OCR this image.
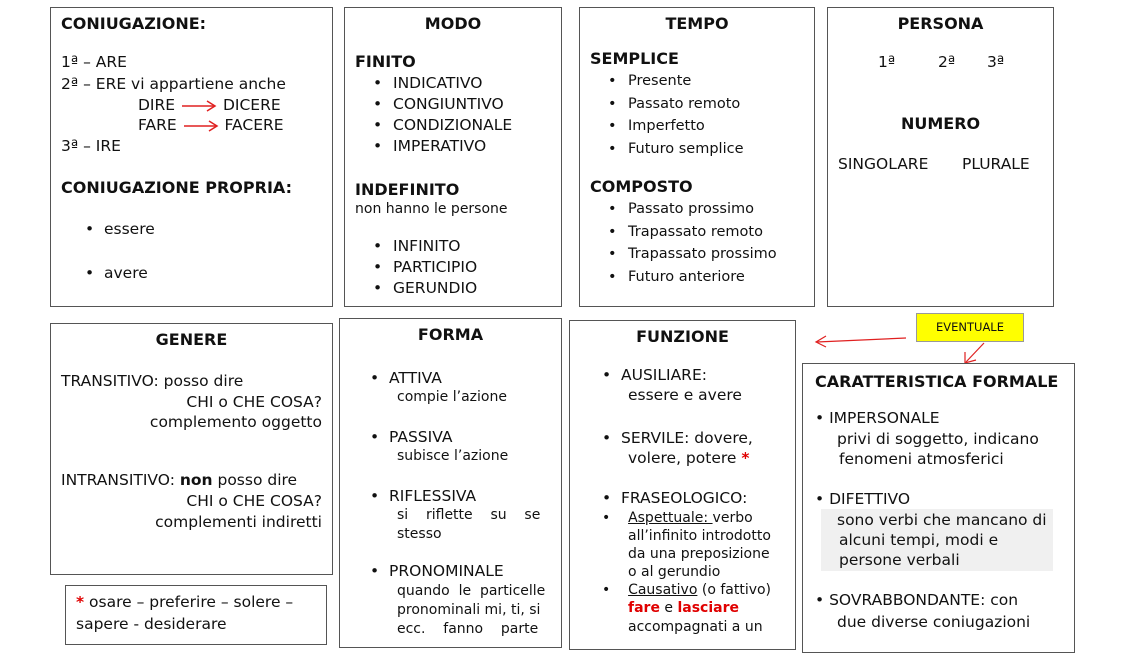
CONIUGAZIONE:
1ª – ARE
2ª – ERE vi appartiene anche
DIRE	DICERE
FARE	FACERE
3ª – IRE
CONIUGAZIONE PROPRIA:
•  essere
•  avere
MODO
FINITO
• INDICATIVO
• CONGIUNTIVO
• CONDIZIONALE
• IMPERATIVO
INDEFINITO
non hanno le persone
• INFINITO
• PARTICIPIO
• GERUNDIO
TEMPO
SEMPLICE
• Presente
• Passato remoto
• Imperfetto
• Futuro semplice
COMPOSTO
• Passato prossimo
• Trapassato remoto
• Trapassato prossimo
• Futuro anteriore
PERSONA
1ª	2ª 3ª
NUMERO
SINGOLARE PLURALE
GENERE
TRANSITIVO: posso dire
CHI o CHE COSA?
complemento oggetto
INTRANSITIVO: non posso dire
CHI o CHE COSA?
complementi indiretti
* osare – preferire – solere –
sapere - desiderare
FORMA
•  ATTIVA
compie l’azione
•  PASSIVA
subisce l’azione
•  RIFLESSIVA
si    riflette    su    se
stesso
•  PRONOMINALE
quando  le  particelle
pronominali mi, ti, si
ecc.    fanno    parte
FUNZIONE
•  AUSILIARE:
essere e avere
•  SERVILE: dovere,
volere, potere *
•  FRASEOLOGICO:
•    Aspettuale: verbo
all’infinito introdotto
da una preposizione
o al gerundio
•    Causativo (o fattivo)
fare e lasciare
accompagnati a un
EVENTUALE
CARATTERISTICA FORMALE
• IMPERSONALE
privi di soggetto, indicano
fenomeni atmosferici
• DIFETTIVO
sono verbi che mancano di
alcuni tempi, modi e
persone verbali
• SOVRABBONDANTE: con
due diverse coniugazioni
